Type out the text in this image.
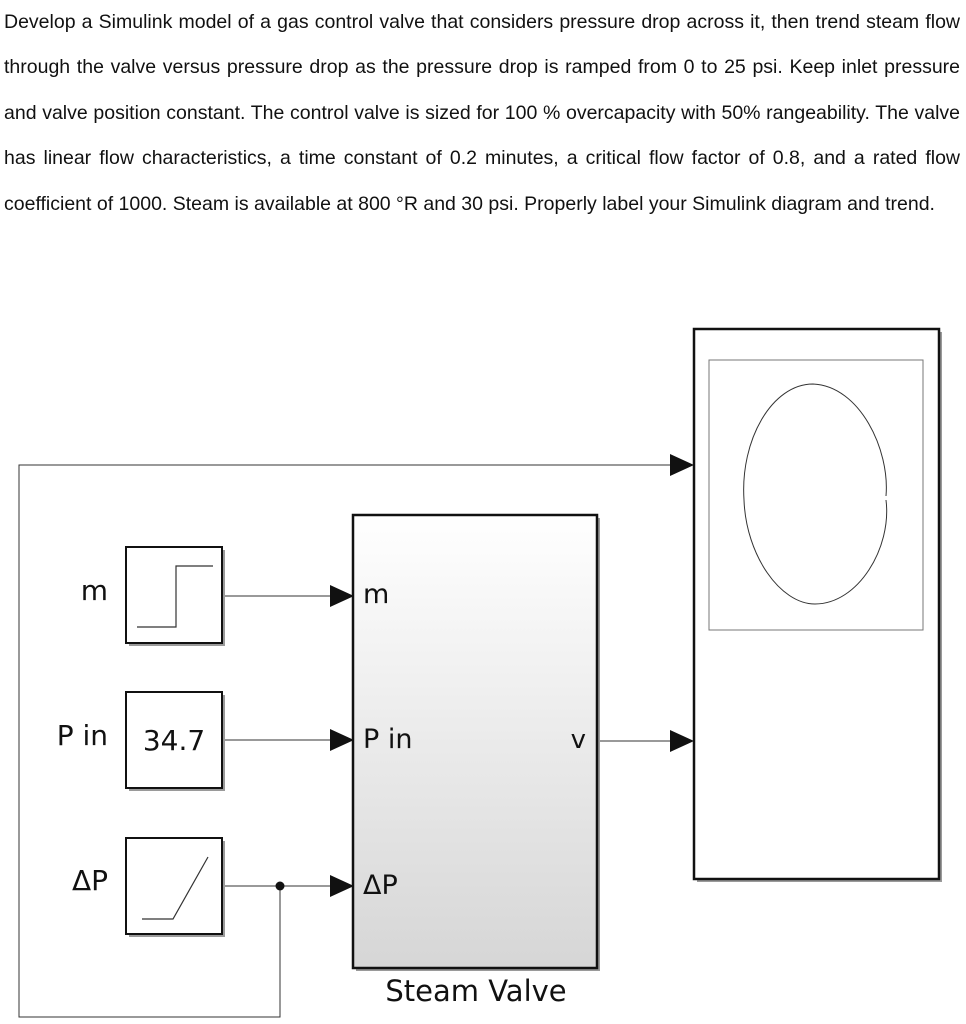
Develop a Simulink model of a gas control valve that considers pressure drop across it, then trend steam flow through the valve versus pressure drop as the pressure drop is ramped from 0 to 25 psi. Keep inlet pressure and valve position constant. The control valve is sized for 100 % overcapacity with 50% rangeability. The valve has linear flow characteristics, a time constant of 0.2 minutes, a critical flow factor of 0.8, and a rated flow coefficient of 1000. Steam is available at 800 °R and 30 psi. Properly label your Simulink diagram and trend.

m
P in
ΔP
34.7
m
P in
ΔP
v
Steam Valve
